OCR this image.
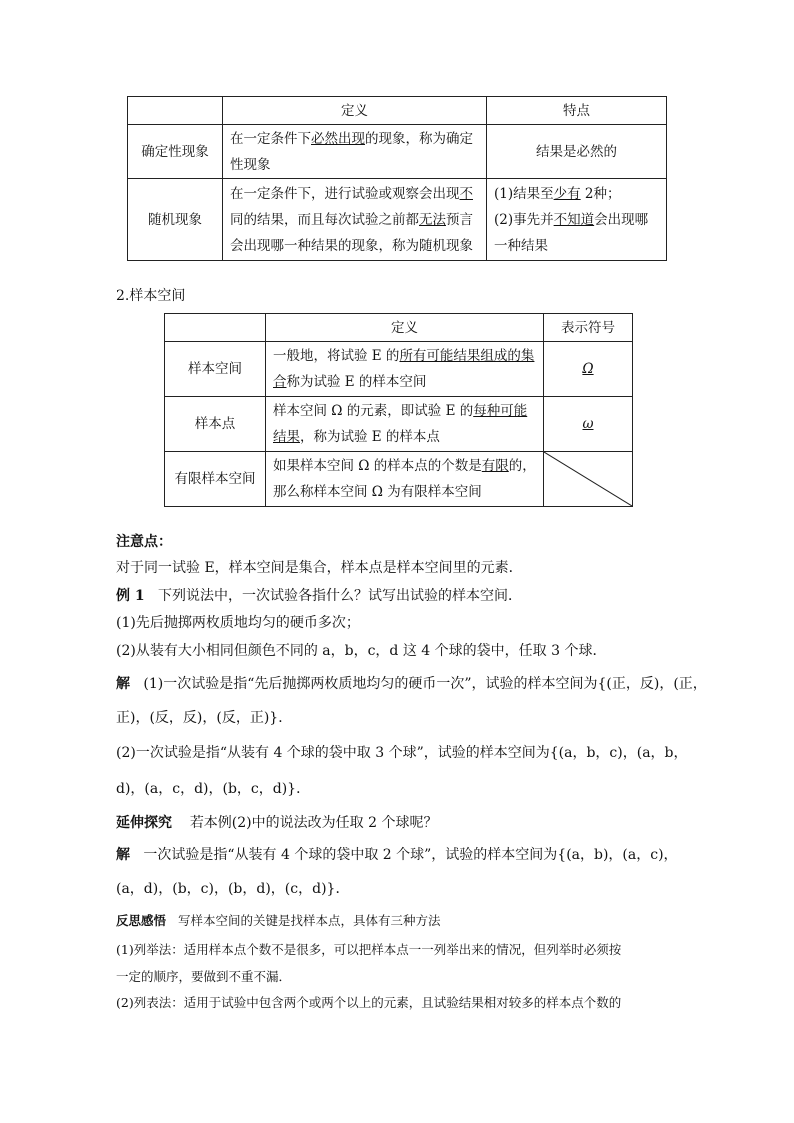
	定义	特点
确定性现象	在一定条件下必然出现的现象，称为确定性现象	结果是必然的
随机现象	在一定条件下，进行试验或观察会出现不同的结果，而且每次试验之前都无法预言会出现哪一种结果的现象，称为随机现象	(1)结果至少有 2种；
(2)事先并不知道会出现哪一种结果
2.样本空间
	定义	表示符号
样本空间	一般地，将试验 E 的所有可能结果组成的集合称为试验 E 的样本空间	Ω
样本点	样本空间 Ω 的元素，即试验 E 的每种可能结果，称为试验 E 的样本点	ω
有限样本空间	如果样本空间 Ω 的样本点的个数是有限的，那么称样本空间 Ω 为有限样本空间	
注意点：
对于同一试验 E，样本空间是集合，样本点是样本空间里的元素．
例 1 下列说法中，一次试验各指什么？试写出试验的样本空间．
(1)先后抛掷两枚质地均匀的硬币多次；
(2)从装有大小相同但颜色不同的 a，b，c，d 这 4 个球的袋中，任取 3 个球．
解 (1)一次试验是指“先后抛掷两枚质地均匀的硬币一次”，试验的样本空间为{(正，反)，(正，
正)，(反，反)，(反，正)}．
(2)一次试验是指“从装有 4 个球的袋中取 3 个球”，试验的样本空间为{(a，b，c)，(a，b，
d)，(a，c，d)，(b，c，d)}．
延伸探究 若本例(2)中的说法改为任取 2 个球呢？
解 一次试验是指“从装有 4 个球的袋中取 2 个球”，试验的样本空间为{(a，b)，(a，c)，
(a，d)，(b，c)，(b，d)，(c，d)}．
反思感悟 写样本空间的关键是找样本点，具体有三种方法
(1)列举法：适用样本点个数不是很多，可以把样本点一一列举出来的情况，但列举时必须按
一定的顺序，要做到不重不漏．
(2)列表法：适用于试验中包含两个或两个以上的元素，且试验结果相对较多的样本点个数的
